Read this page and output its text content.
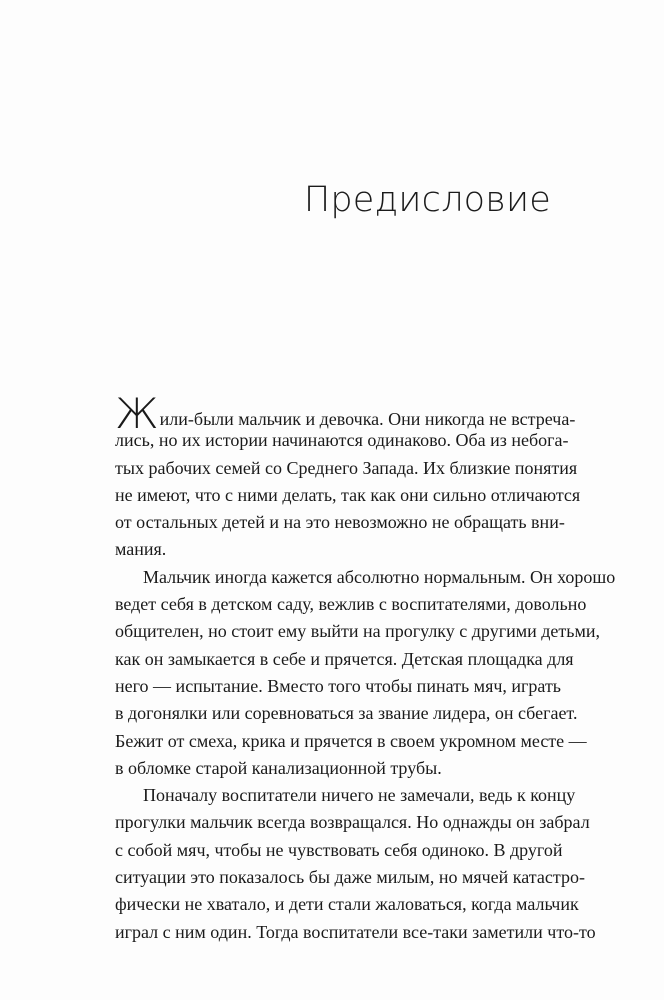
Предисловие
Жили-были мальчик и девочка. Они никогда не встреча-
лись, но их истории начинаются одинаково. Оба из небога-
тых рабочих семей со Среднего Запада. Их близкие понятия
не имеют, что с ними делать, так как они сильно отличаются
от остальных детей и на это невозможно не обращать вни-
мания.
Мальчик иногда кажется абсолютно нормальным. Он хорошо
ведет себя в детском саду, вежлив с воспитателями, довольно
общителен, но стоит ему выйти на прогулку с другими детьми,
как он замыкается в себе и прячется. Детская площадка для
него — испытание. Вместо того чтобы пинать мяч, играть
в догонялки или соревноваться за звание лидера, он сбегает.
Бежит от смеха, крика и прячется в своем укромном месте —
в обломке старой канализационной трубы.
Поначалу воспитатели ничего не замечали, ведь к концу
прогулки мальчик всегда возвращался. Но однажды он забрал
с собой мяч, чтобы не чувствовать себя одиноко. В другой
ситуации это показалось бы даже милым, но мячей катастро-
фически не хватало, и дети стали жаловаться, когда мальчик
играл с ним один. Тогда воспитатели все-таки заметили что-то
